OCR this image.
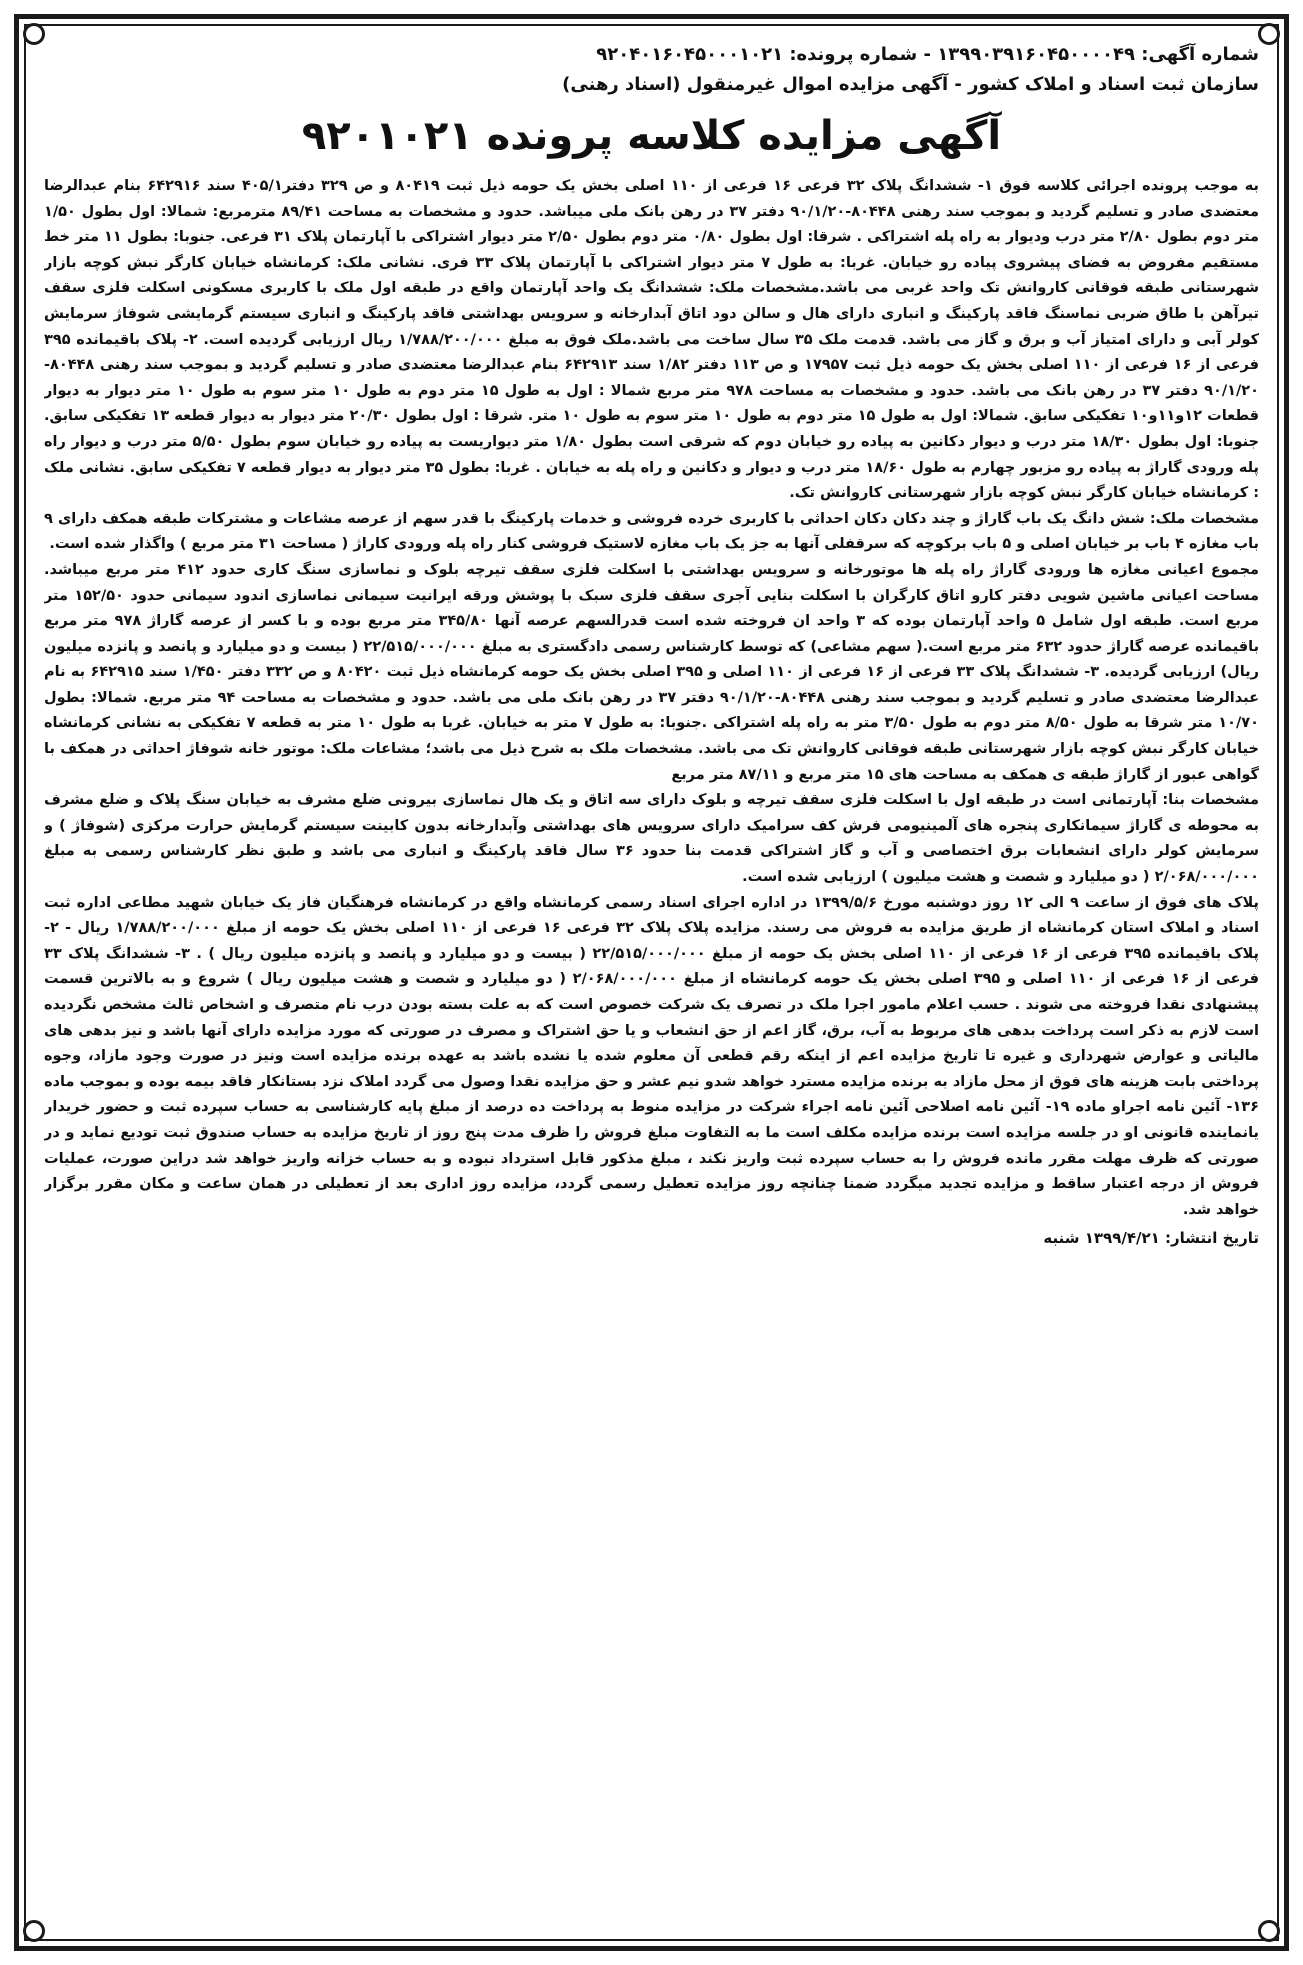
شماره آگهی: ۱۳۹۹۰۳۹۱۶۰۴۵۰۰۰۰۴۹ - شماره پرونده: ۹۲۰۴۰۱۶۰۴۵۰۰۰۱۰۲۱
سازمان ثبت اسناد و املاک کشور - آگهی مزایده اموال غیرمنقول (اسناد رهنی)
آگهی مزایده کلاسه پرونده ۹۲۰۱۰۲۱

به موجب پرونده اجرائی کلاسه فوق ۱- ششدانگ پلاک ۳۲ فرعی ۱۶ فرعی از ۱۱۰ اصلی بخش یک حومه ذیل ثبت ۸۰۴۱۹ و ص ۳۲۹ دفتر۴۰۵/۱ سند ۶۴۲۹۱۶ بنام عبدالرضا معتضدی صادر و تسلیم گردید و بموجب سند رهنی ۸۰۴۴۸-۹۰/۱/۲۰ دفتر ۳۷ در رهن بانک ملی میباشد. حدود و مشخصات به مساحت ۸۹/۴۱ مترمربع: شمالا: اول بطول ۱/۵۰ متر دوم بطول ۲/۸۰ متر درب ودیوار به راه پله اشتراکی . شرقا: اول بطول ۰/۸۰ متر دوم بطول ۲/۵۰ متر دیوار اشتراکی با آپارتمان پلاک ۳۱ فرعی. جنوبا: بطول ۱۱ متر خط مستقیم مفروض به فضای پیشروی پیاده رو خیابان. غربا: به طول ۷ متر دیوار اشتراکی با آپارتمان پلاک ۳۳ فری. نشانی ملک: کرمانشاه خیابان کارگر نبش کوچه بازار شهرستانی طبقه فوقانی کاروانش تک واحد غربی می باشد.مشخصات ملک: ششدانگ یک واحد آپارتمان واقع در طبقه اول ملک با کاربری مسکونی اسکلت فلزی سقف تیرآهن با طاق ضربی نماسنگ فاقد پارکینگ و انباری دارای هال و سالن دود اتاق آبدارخانه و سرویس بهداشتی فاقد پارکینگ و انباری سیستم گرمایشی شوفاژ سرمایش کولر آبی و دارای امتیاز آب و برق و گاز می باشد. قدمت ملک ۳۵ سال ساخت می باشد.ملک فوق به مبلغ ۱/۷۸۸/۲۰۰/۰۰۰ ریال ارزیابی گردیده است. ۲- پلاک باقیمانده ۳۹۵ فرعی از ۱۶ فرعی از ۱۱۰ اصلی بخش یک حومه ذیل ثبت ۱۷۹۵۷ و ص ۱۱۳ دفتر ۱/۸۲ سند ۶۴۲۹۱۳ بنام عبدالرضا معتضدی صادر و تسلیم گردید و بموجب سند رهنی ۸۰۴۴۸- ۹۰/۱/۲۰ دفتر ۳۷ در رهن بانک می باشد. حدود و مشخصات به مساحت ۹۷۸ متر مربع شمالا : اول به طول ۱۵ متر دوم به طول ۱۰ متر سوم به طول ۱۰ متر دیوار به دیوار قطعات ۱۲و۱۱و۱۰ تفکیکی سابق. شمالا: اول به طول ۱۵ متر دوم به طول ۱۰ متر سوم به طول ۱۰ متر. شرقا : اول بطول ۲۰/۳۰ متر دیوار به دیوار قطعه ۱۳ تفکیکی سابق. جنوبا: اول بطول ۱۸/۳۰ متر درب و دیوار دکانین به پیاده رو خیابان دوم که شرقی است بطول ۱/۸۰ متر دیواریست به پیاده رو خیابان سوم بطول ۵/۵۰ متر درب و دیوار راه پله ورودی گاراژ به پیاده رو مزبور چهارم به طول ۱۸/۶۰ متر درب و دیوار و دکانین و راه پله به خیابان . غربا: بطول ۳۵ متر دیوار به دیوار قطعه ۷ تفکیکی سابق. نشانی ملک : کرمانشاه خیابان کارگر نبش کوچه بازار شهرستانی کاروانش تک.

مشخصات ملک: شش دانگ یک باب گاراژ و چند دکان دکان احداثی با کاربری خرده فروشی و خدمات پارکینگ با قدر سهم از عرصه مشاعات و مشترکات طبقه همکف دارای ۹ باب مغازه ۴ باب بر خیابان اصلی و ۵ باب برکوچه که سرقفلی آنها به جز یک باب مغازه لاستیک فروشی کنار راه پله ورودی کاراژ ( مساحت ۳۱ متر مربع ) واگذار شده است.

مجموع اعیانی مغازه ها ورودی گاراژ راه پله ها موتورخانه و سرویس بهداشتی با اسکلت فلزی سقف تیرچه بلوک و نماسازی سنگ کاری حدود ۴۱۲ متر مربع میباشد. مساحت اعیانی ماشین شویی دفتر کارو اتاق کارگران با اسکلت بنایی آجری سقف فلزی سبک با پوشش ورقه ایرانیت سیمانی نماسازی اندود سیمانی حدود ۱۵۲/۵۰ متر مربع است. طبقه اول شامل ۵ واحد آپارتمان بوده که ۳ واحد ان فروخته شده است قدرالسهم عرصه آنها ۳۴۵/۸۰ متر مربع بوده و با کسر از عرصه گاراژ ۹۷۸ متر مربع باقیمانده عرصه گاراژ حدود ۶۳۲ متر مربع است.( سهم مشاعی) که توسط کارشناس رسمی دادگستری به مبلغ ۲۲/۵۱۵/۰۰۰/۰۰۰ ( بیست و دو میلیارد و پانصد و پانزده میلیون ریال) ارزیابی گردیده. ۳- ششدانگ پلاک ۳۳ فرعی از ۱۶ فرعی از ۱۱۰ اصلی و ۳۹۵ اصلی بخش یک حومه کرمانشاه ذیل ثبت ۸۰۴۲۰ و ص ۳۳۲ دفتر ۱/۴۵۰ سند ۶۴۲۹۱۵ به نام عبدالرضا معتضدی صادر و تسلیم گردید و بموجب سند رهنی ۸۰۴۴۸-۹۰/۱/۲۰ دفتر ۳۷ در رهن بانک ملی می باشد. حدود و مشخصات به مساحت ۹۴ متر مربع. شمالا: بطول ۱۰/۷۰ متر شرقا به طول ۸/۵۰ متر دوم به طول ۳/۵۰ متر به راه پله اشتراکی .جنوبا: به طول ۷ متر به خیابان. غربا به طول ۱۰ متر به قطعه ۷ تفکیکی به نشانی کرمانشاه خیابان کارگر نبش کوچه بازار شهرستانی طبقه فوقانی کاروانش تک می باشد. مشخصات ملک به شرح ذیل می باشد؛ مشاعات ملک: موتور خانه شوفاژ احداثی در همکف با گواهی عبور از گاراژ طبقه ی همکف به مساحت های ۱۵ متر مربع و ۸۷/۱۱ متر مربع

مشخصات بنا: آپارتمانی است در طبقه اول با اسکلت فلزی سقف تیرچه و بلوک دارای سه اتاق و یک هال نماسازی بیرونی ضلع مشرف به خیابان سنگ پلاک و ضلع مشرف به محوطه ی گاراژ سیمانکاری پنجره های آلمینیومی فرش کف سرامیک دارای سرویس های بهداشتی وآبدارخانه بدون کابینت سیستم گرمایش حرارت مرکزی (شوفاژ ) و سرمایش کولر دارای انشعابات برق اختصاصی و آب و گاز اشتراکی قدمت بنا حدود ۳۶ سال فاقد پارکینگ و انباری می باشد و طبق نظر کارشناس رسمی به مبلغ ۲/۰۶۸/۰۰۰/۰۰۰ ( دو میلیارد و شصت و هشت میلیون ) ارزیابی شده است.

پلاک های فوق از ساعت ۹ الی ۱۲ روز دوشنبه مورخ ۱۳۹۹/۵/۶ در اداره اجرای اسناد رسمی کرمانشاه واقع در کرمانشاه فرهنگیان فاز یک خیابان شهید مطاعی اداره ثبت اسناد و املاک استان کرمانشاه از طریق مزایده به فروش می رسند. مزایده پلاک پلاک ۳۲ فرعی ۱۶ فرعی از ۱۱۰ اصلی بخش یک حومه از مبلغ ۱/۷۸۸/۲۰۰/۰۰۰ ریال - ۲- پلاک باقیمانده ۳۹۵ فرعی از ۱۶ فرعی از ۱۱۰ اصلی بخش یک حومه از مبلغ ۲۲/۵۱۵/۰۰۰/۰۰۰ ( بیست و دو میلیارد و پانصد و پانزده میلیون ریال ) . ۳- ششدانگ پلاک ۳۳ فرعی از ۱۶ فرعی از ۱۱۰ اصلی و ۳۹۵ اصلی بخش یک حومه کرمانشاه از مبلغ ۲/۰۶۸/۰۰۰/۰۰۰ ( دو میلیارد و شصت و هشت میلیون ریال ) شروع و به بالاترین قسمت پیشنهادی نقدا فروخته می شوند . حسب اعلام مامور اجرا ملک در تصرف یک شرکت خصوص است که به علت بسته بودن درب نام متصرف و اشخاص ثالث مشخص نگردیده است لازم به ذکر است پرداخت بدهی های مربوط به آب، برق، گاز اعم از حق انشعاب و یا حق اشتراک و مصرف در صورتی که مورد مزایده دارای آنها باشد و نیز بدهی های مالیاتی و عوارض شهرداری و غیره تا تاریخ مزایده اعم از اینکه رقم قطعی آن معلوم شده یا نشده باشد به عهده برنده مزایده است ونیز در صورت وجود مازاد، وجوه پرداختی بابت هزینه های فوق از محل مازاد به برنده مزایده مسترد خواهد شدو نیم عشر و حق مزایده نقدا وصول می گردد املاک نزد بستانکار فاقد بیمه بوده و بموجب ماده ۱۳۶- آئین نامه اجراو ماده ۱۹- آئین نامه اصلاحی آئین نامه اجراء شرکت در مزایده منوط به پرداخت ده درصد از مبلغ پایه کارشناسی به حساب سپرده ثبت و حضور خریدار یانماینده قانونی او در جلسه مزایده است برنده مزایده مکلف است ما به التفاوت مبلغ فروش را ظرف مدت پنج روز از تاریخ مزایده به حساب صندوق ثبت تودیع نماید و در صورتی که ظرف مهلت مقرر مانده فروش را به حساب سپرده ثبت واریز نکند ، مبلغ مذکور قابل استرداد نبوده و به حساب خزانه واریز خواهد شد دراین صورت، عملیات فروش از درجه اعتبار ساقط و مزایده تجدید میگردد ضمنا چنانچه روز مزایده تعطیل رسمی گردد، مزایده روز اداری بعد از تعطیلی در همان ساعت و مکان مقرر برگزار خواهد شد.

تاریخ انتشار: ۱۳۹۹/۴/۲۱ شنبه
